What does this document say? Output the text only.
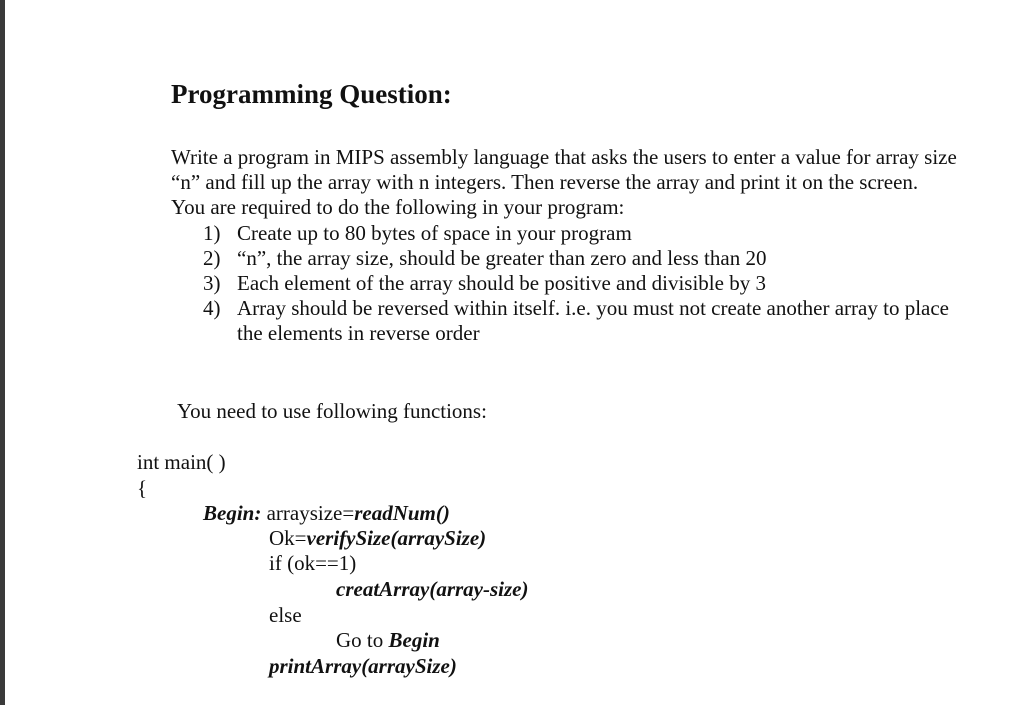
Programming Question:
Write a program in MIPS assembly language that asks the users to enter a value for array size
“n” and fill up the array with n integers. Then reverse the array and print it on the screen.
You are required to do the following in your program:
1) Create up to 80 bytes of space in your program
2) “n”, the array size, should be greater than zero and less than 20
3) Each element of the array should be positive and divisible by 3
4) Array should be reversed within itself. i.e. you must not create another array to place
the elements in reverse order
You need to use following functions:
int main( )
{
Begin: arraysize=readNum()
Ok=verifySize(arraySize)
if (ok==1)
creatArray(array-size)
else
Go to Begin
printArray(arraySize)
